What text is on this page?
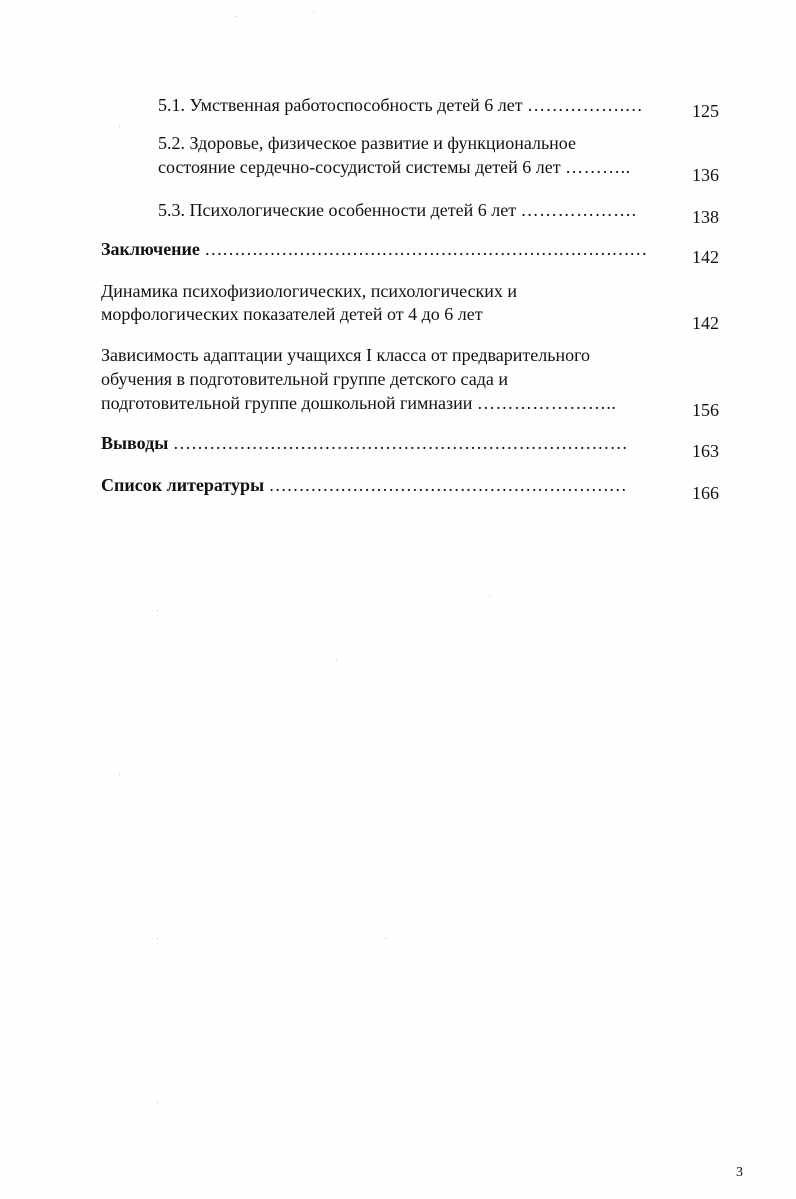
5.1. Умственная работоспособность детей 6 лет …………….…	125
5.2. Здоровье, физическое развитие и функциональное
состояние сердечно-сосудистой системы детей 6 лет ………..	136
5.3. Психологические особенности детей 6 лет ……………….	138
Заключение …………………………………………………………………	142
Динамика психофизиологических, психологических и
морфологических показателей детей от 4 до 6 лет	142
Зависимость адаптации учащихся I класса от предварительного
обучения в подготовительной группе детского сада и
подготовительной группе дошкольной гимназии …………………..	156
Выводы …………………………………………………………………	163
Список литературы ……………………………………………………	166
3
